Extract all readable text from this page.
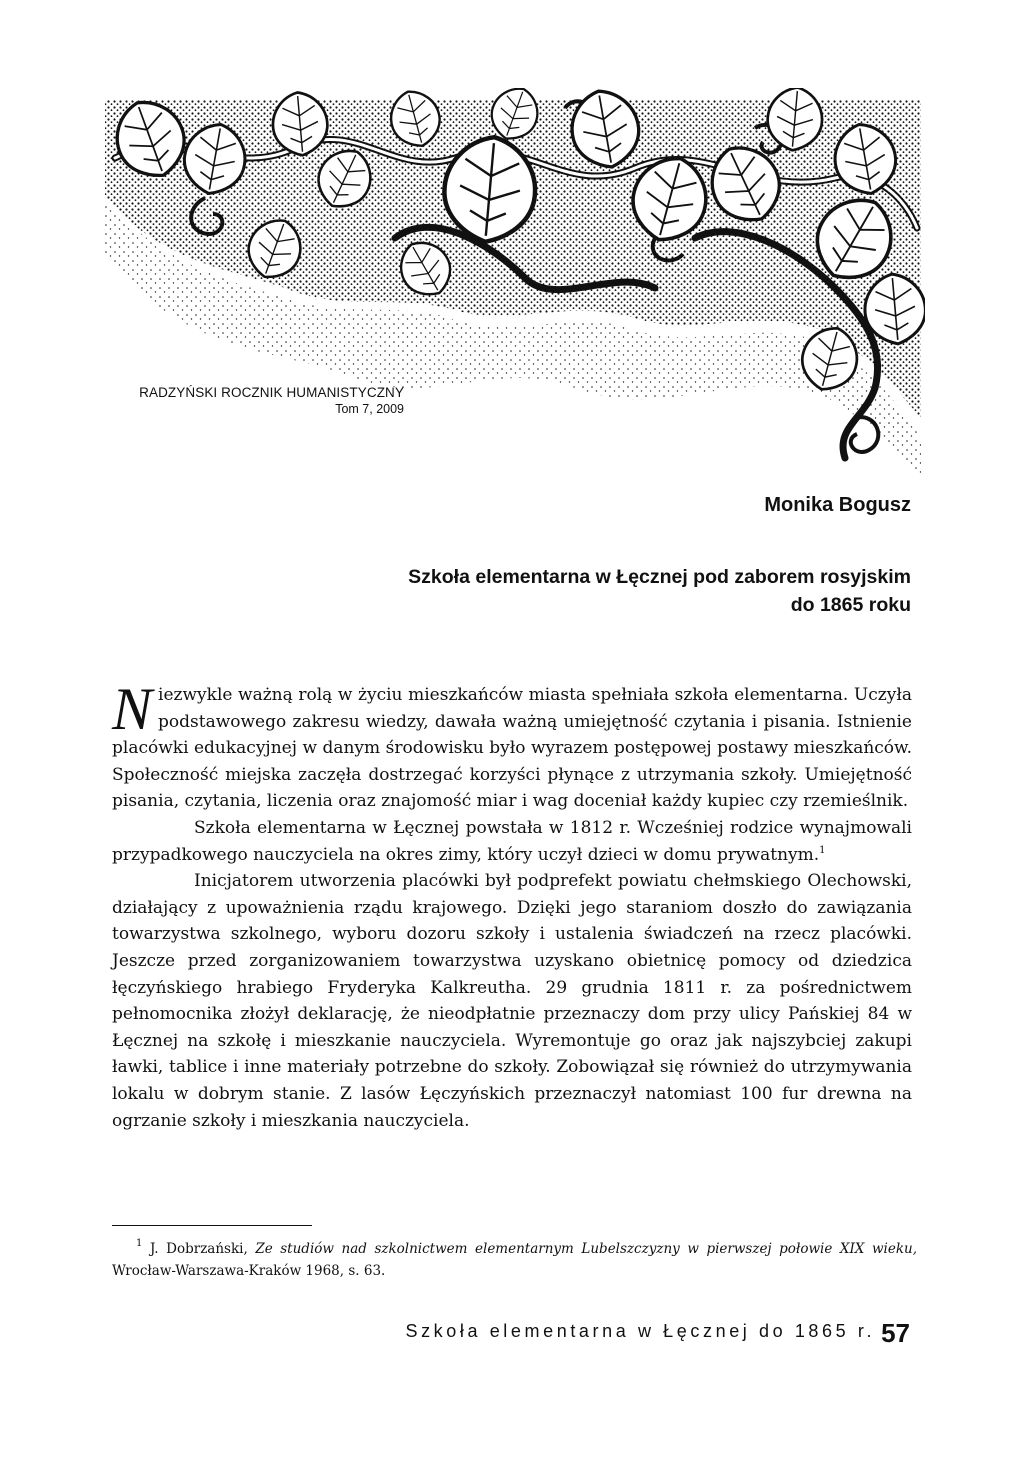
RADZYŃSKI ROCZNIK HUMANISTYCZNY
Tom 7, 2009
Monika Bogusz
Szkoła elementarna w Łęcznej pod zaborem rosyjskim
do 1865 roku

Niezwykle ważną rolą w życiu mieszkańców miasta spełniała szkoła elementarna. Uczyła podstawowego zakresu wiedzy, dawała ważną umiejętność czytania i pisania. Istnienie placówki edukacyjnej w danym środowisku było wyrazem postępowej postawy mieszkańców. Społeczność miejska zaczęła dostrzegać korzyści płynące z utrzymania szkoły. Umiejętność pisania, czytania, liczenia oraz znajomość miar i wag doceniał każdy kupiec czy rzemieślnik.

Szkoła elementarna w Łęcznej powstała w 1812 r. Wcześniej rodzice wynajmowali przypadkowego nauczyciela na okres zimy, który uczył dzieci w domu prywatnym.$^1$

Inicjatorem utworzenia placówki był podprefekt powiatu chełmskiego Olechowski, działający z upoważnienia rządu krajowego. Dzięki jego staraniom doszło do zawiązania towarzystwa szkolnego, wyboru dozoru szkoły i ustalenia świadczeń na rzecz placówki. Jeszcze przed zorganizowaniem towarzystwa uzyskano obietnicę pomocy od dziedzica łęczyńskiego hrabiego Fryderyka Kalkreutha. 29 grudnia 1811 r. za pośrednictwem pełnomocnika złożył deklarację, że nieodpłatnie przeznaczy dom przy ulicy Pańskiej 84 w Łęcznej na szkołę i mieszkanie nauczyciela. Wyremontuje go oraz jak najszybciej zakupi ławki, tablice i inne materiały potrzebne do szkoły. Zobowiązał się również do utrzymywania lokalu w dobrym stanie. Z lasów Łęczyńskich przeznaczył natomiast 100 fur drewna na ogrzanie szkoły i mieszkania nauczyciela.

$^1$ J. Dobrzański, Ze studiów nad szkolnictwem elementarnym Lubelszczyzny w pierwszej połowie XIX wieku, Wrocław-Warszawa-Kraków 1968, s. 63.

Szkoła elementarna w Łęcznej do 1865 r. 57
